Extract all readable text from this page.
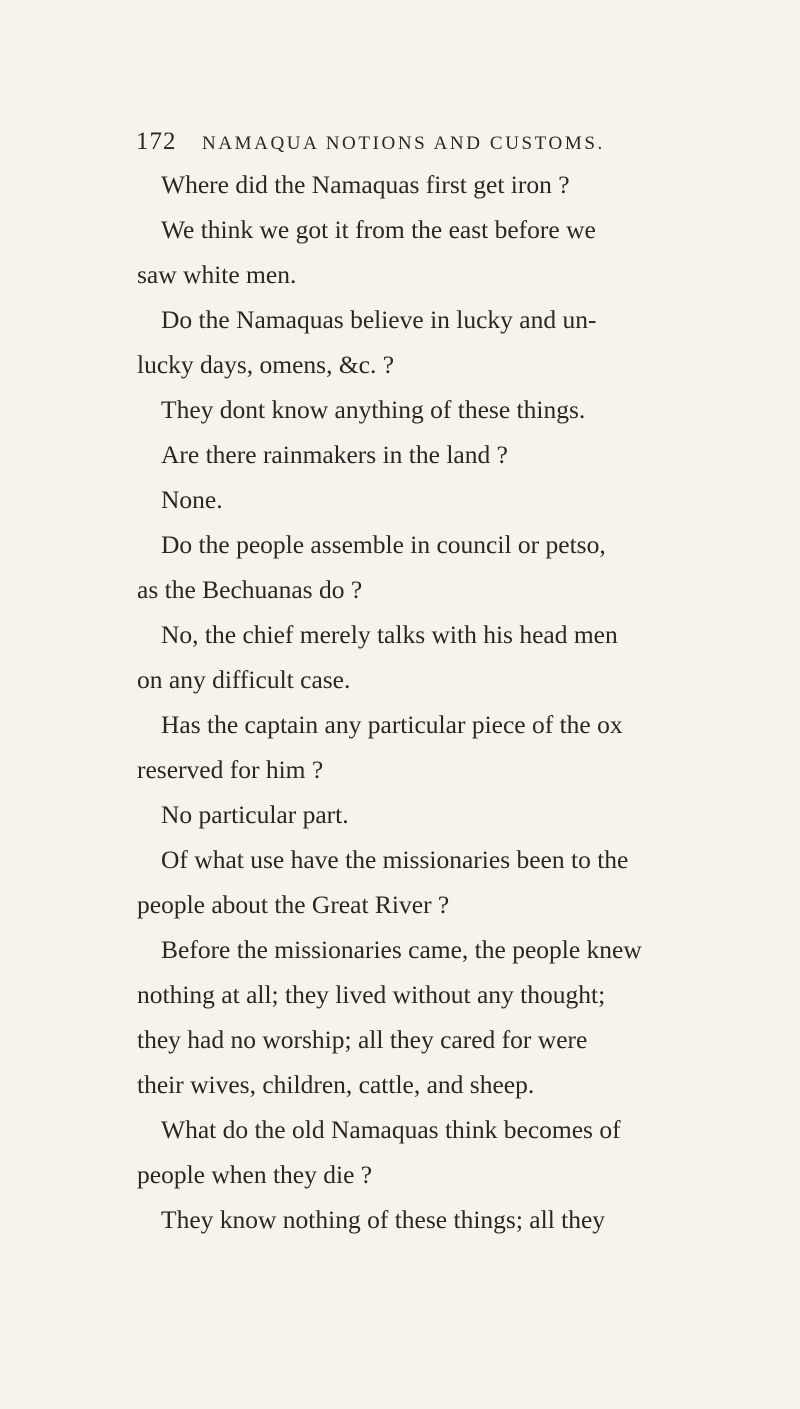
172 NAMAQUA NOTIONS AND CUSTOMS.
Where did the Namaquas first get iron ?
We think we got it from the east before we
saw white men.
Do the Namaquas believe in lucky and un-
lucky days, omens, &c. ?
They dont know anything of these things.
Are there rainmakers in the land ?
None.
Do the people assemble in council or petso,
as the Bechuanas do ?
No, the chief merely talks with his head men
on any difficult case.
Has the captain any particular piece of the ox
reserved for him ?
No particular part.
Of what use have the missionaries been to the
people about the Great River ?
Before the missionaries came, the people knew
nothing at all; they lived without any thought;
they had no worship; all they cared for were
their wives, children, cattle, and sheep.
What do the old Namaquas think becomes of
people when they die ?
They know nothing of these things; all they
